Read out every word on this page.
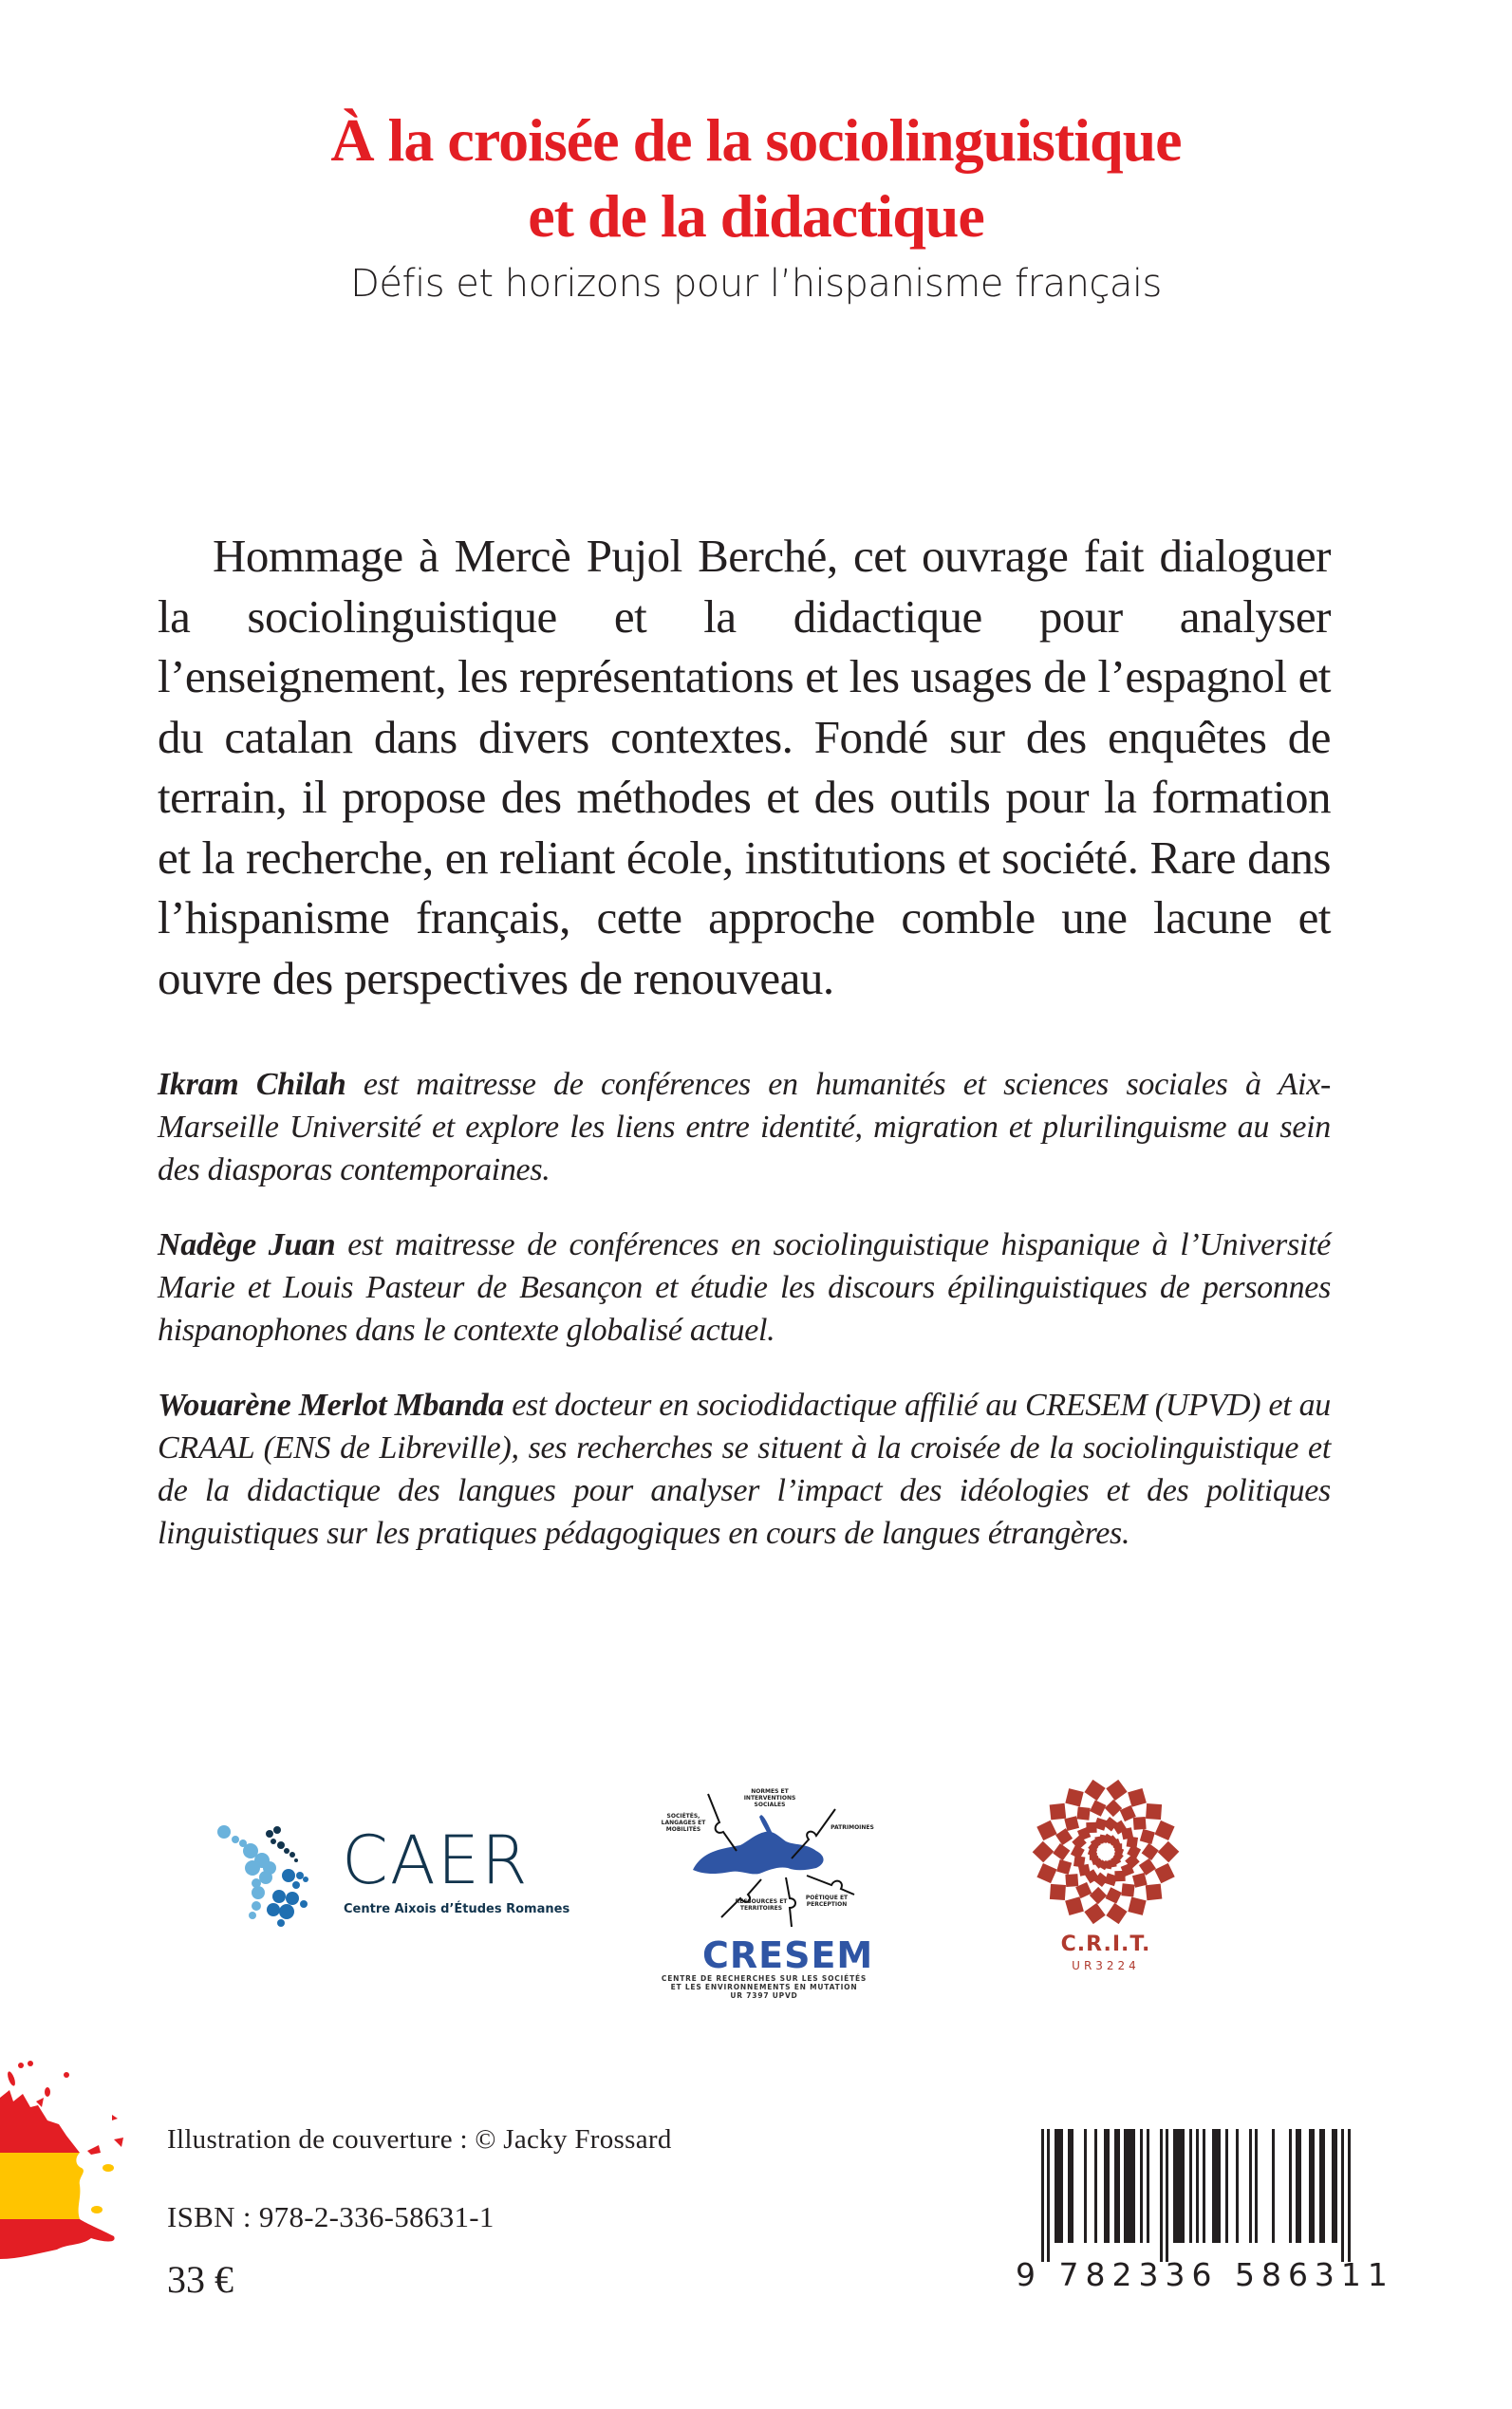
À la croisée de la sociolinguistique
et de la didactique
Défis et horizons pour l’hispanisme français

Hommage à Mercè Pujol Berché, cet ouvrage fait dialoguer la sociolinguistique et la didactique pour analyser l’enseignement, les représentations et les usages de l’espagnol et du catalan dans divers contextes. Fondé sur des enquêtes de terrain, il propose des méthodes et des outils pour la formation et la recherche, en reliant école, institutions et société. Rare dans l’hispanisme français, cette approche comble une lacune et ouvre des perspectives de renouveau.

Ikram Chilah est maitresse de conférences en humanités et sciences sociales à Aix-Marseille Université et explore les liens entre identité, migration et plurilinguisme au sein des diasporas contemporaines.

Nadège Juan est maitresse de conférences en sociolinguistique hispanique à l’Université Marie et Louis Pasteur de Besançon et étudie les discours épilinguistiques de personnes hispanophones dans le contexte globalisé actuel.

Wouarène Merlot Mbanda est docteur en sociodidactique affilié au CRESEM (UPVD) et au CRAAL (ENS de Libreville), ses recherches se situent à la croisée de la sociolinguistique et de la didactique des langues pour analyser l’impact des idéologies et des politiques linguistiques sur les pratiques pédagogiques en cours de langues étrangères.

CAER
Centre Aixois d’Études Romanes
NORMES ET INTERVENTIONS SOCIALES
SOCIÉTÉS, LANGAGES ET MOBILITÉS	PATRIMOINES
RESSOURCES ET TERRITOIRES
POÉTIQUE ET PERCEPTION
CRESEM
CENTRE DE RECHERCHES SUR LES SOCIÉTÉS
ET LES ENVIRONNEMENTS EN MUTATION
UR 7397 UPVD
C.R.I.T.
UR3224
Illustration de couverture : © Jacky Frossard
ISBN : 978-2-336-58631-1
33 €	9 782336 586311
